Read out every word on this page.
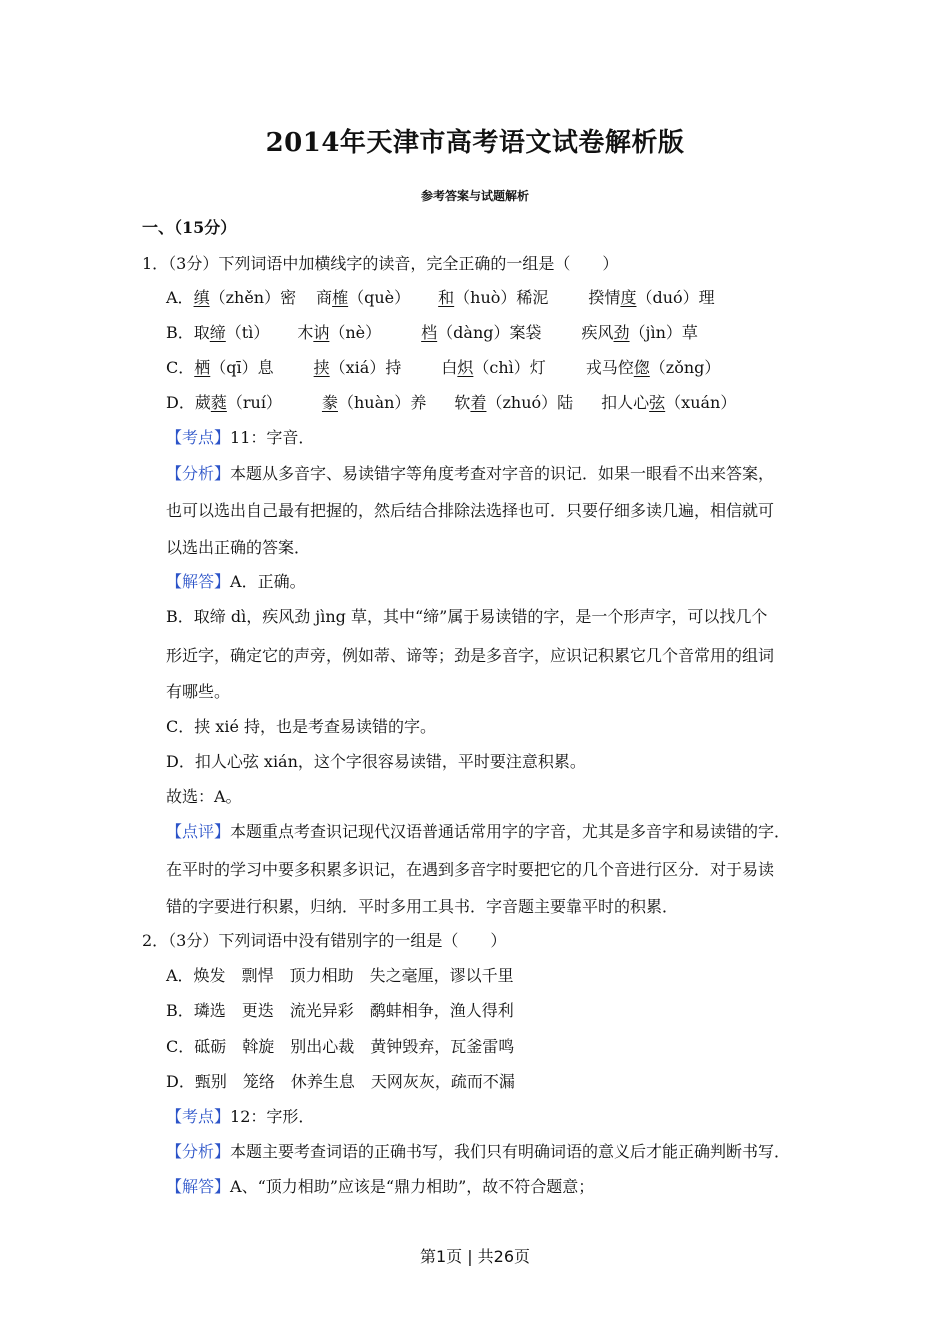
2014年天津市高考语文试卷解析版
参考答案与试题解析
一、（15分）
1．（3分）下列词语中加横线字的读音，完全正确的一组是（　　）
A．缜（zhěn）密 商榷（què） 和（huò）稀泥	揆情度（duó）理
B．取缔（tì） 木讷（nè）	档（dàng）案袋	疾风劲（jìn）草
C．栖（qī）息	挟（xiá）持	白炽（chì）灯	戎马倥偬（zǒng）
D．葳蕤（ruí）	豢（huàn）养 软着（zhuó）陆 扣人心弦（xuán）
【考点】11：字音．
【分析】本题从多音字、易读错字等角度考查对字音的识记．如果一眼看不出来答案，
也可以选出自己最有把握的，然后结合排除法选择也可．只要仔细多读几遍，相信就可
以选出正确的答案．
【解答】A．正确。
B．取缔 dì，疾风劲 jìng 草，其中“缔”属于易读错的字，是一个形声字，可以找几个
形近字，确定它的声旁，例如蒂、谛等；劲是多音字，应识记积累它几个音常用的组词
有哪些。
C．挟 xié 持，也是考查易读错的字。
D．扣人心弦 xián，这个字很容易读错，平时要注意积累。
故选：A。
【点评】本题重点考查识记现代汉语普通话常用字的字音，尤其是多音字和易读错的字．
在平时的学习中要多积累多识记，在遇到多音字时要把它的几个音进行区分．对于易读
错的字要进行积累，归纳．平时多用工具书．字音题主要靠平时的积累．
2．（3分）下列词语中没有错别字的一组是（　　）
A．焕发 剽悍 顶力相助 失之毫厘，谬以千里
B．璘选 更迭 流光异彩 鹬蚌相争，渔人得利
C．砥砺 斡旋 别出心裁 黄钟毁弃，瓦釜雷鸣
D．甄别 笼络 休养生息 天网灰灰，疏而不漏
【考点】12：字形．
【分析】本题主要考查词语的正确书写，我们只有明确词语的意义后才能正确判断书写．
【解答】A、“顶力相助”应该是“鼎力相助”，故不符合题意；
第1页 | 共26页
